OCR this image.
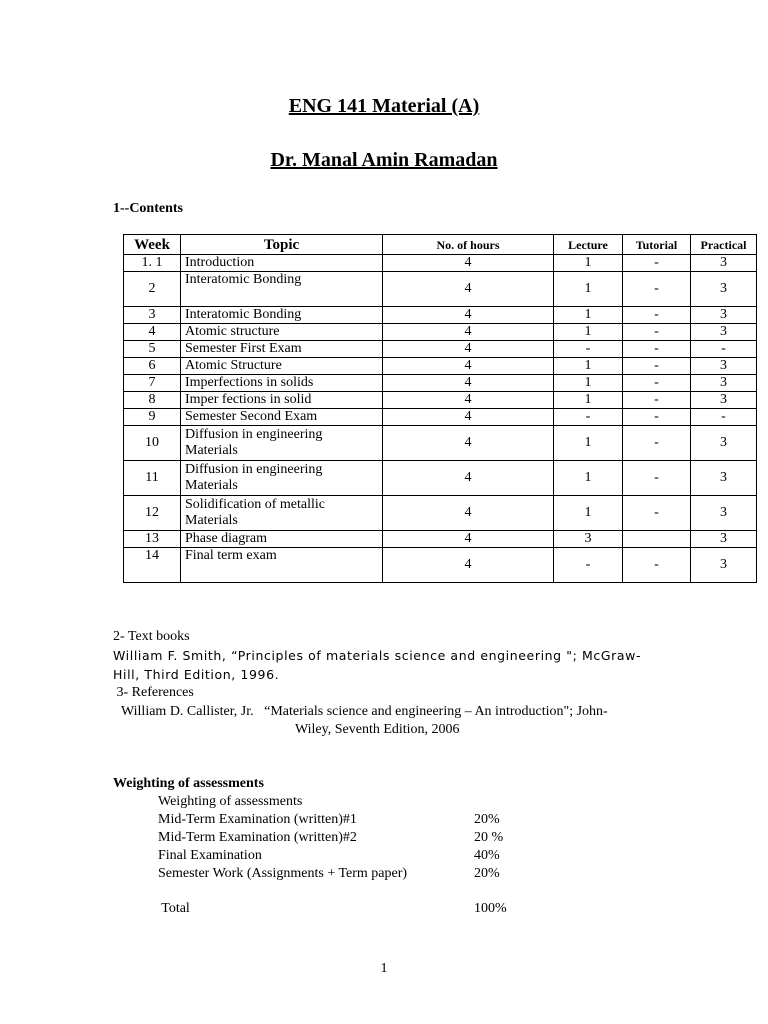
ENG 141 Material (A)
Dr. Manal Amin Ramadan
1--Contents
Week	Topic	No. of hours	Lecture	Tutorial	Practical
1. 1	Introduction	4	1	-	3
2	Interatomic Bonding	4	1	-	3
3	Interatomic Bonding	4	1	-	3
4	Atomic structure	4	1	-	3
5	Semester First Exam	4	-	-	-
6	Atomic Structure	4	1	-	3
7	Imperfections in solids	4	1	-	3
8	Imper fections in solid	4	1	-	3
9	Semester Second Exam	4	-	-	-
10	Diffusion in engineering Materials	4	1	-	3
11	Diffusion in engineering Materials	4	1	-	3
12	Solidification of metallic Materials	4	1	-	3
13	Phase diagram	4	3		3
14	Final term exam	4	-	-	3
2- Text books
William F. Smith, “Principles of materials science and engineering "; McGraw-
Hill, Third Edition, 1996.
3- References
William D. Callister, Jr.   “Materials science and engineering – An introduction"; John-
Wiley, Seventh Edition, 2006
Weighting of assessments
Weighting of assessments
Mid-Term Examination (written)#1	20%
Mid-Term Examination (written)#2	20 %
Final Examination	40%
Semester Work (Assignments + Term paper)	20%
Total	100%
1
